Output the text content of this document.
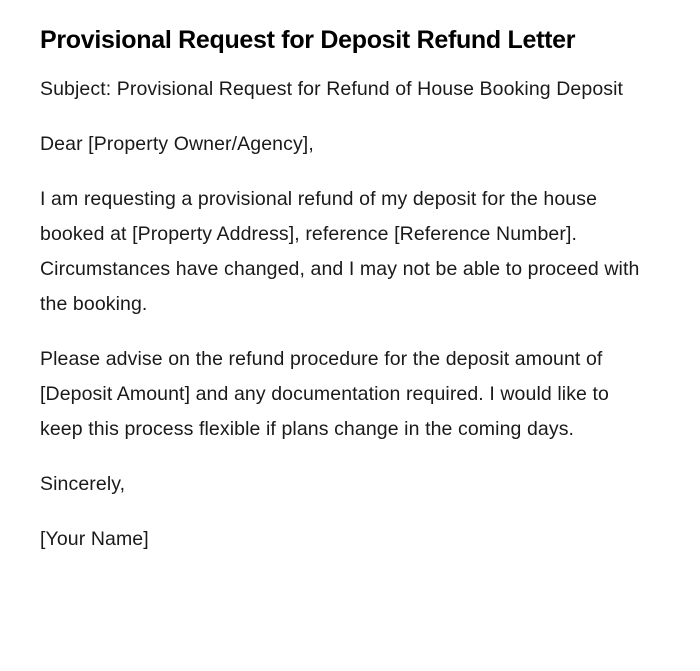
Provisional Request for Deposit Refund Letter

Subject: Provisional Request for Refund of House Booking Deposit

Dear [Property Owner/Agency],

I am requesting a provisional refund of my deposit for the house booked at [Property Address], reference [Reference Number]. Circumstances have changed, and I may not be able to proceed with the booking.

Please advise on the refund procedure for the deposit amount of [Deposit Amount] and any documentation required. I would like to keep this process flexible if plans change in the coming days.

Sincerely,

[Your Name]
